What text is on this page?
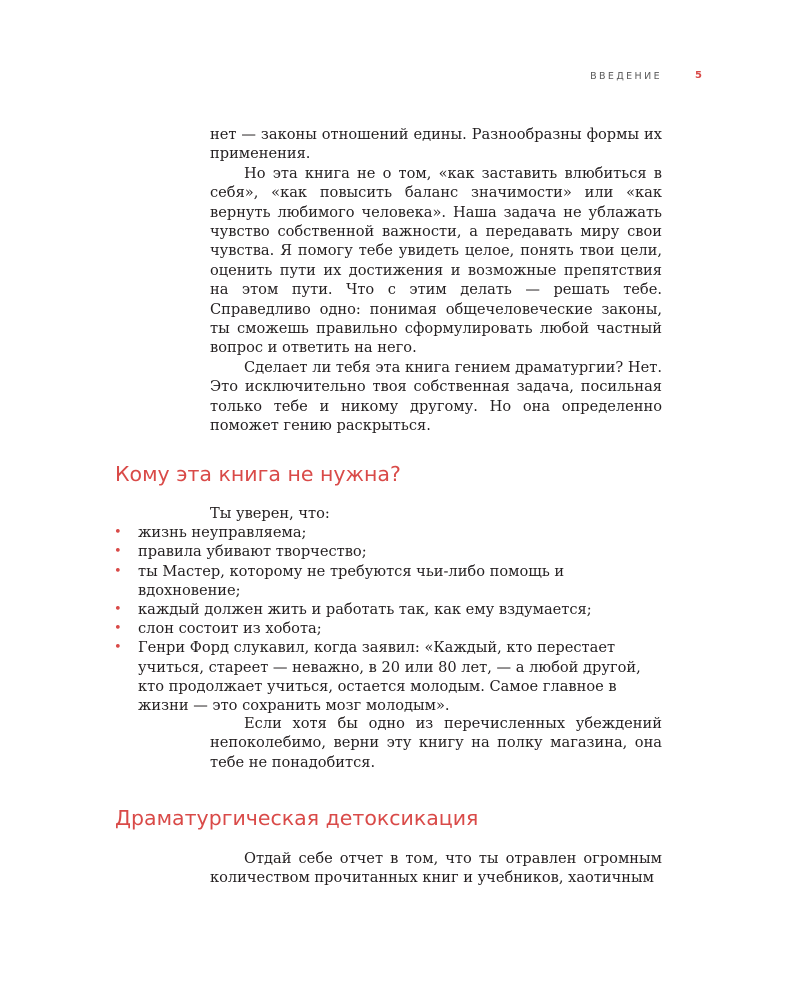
ВВЕДЕНИЕ	5

нет — законы отношений едины. Разнообразны формы их применения.

Но эта книга не о том, «как заставить влюбиться в себя», «как повысить баланс значимости» или «как вернуть любимого человека». Наша задача не ублажать чувство собственной важности, а передавать миру свои чувства. Я помогу тебе увидеть целое, понять твои цели, оценить пути их достижения и возможные препятствия на этом пути. Что с этим делать — решать тебе. Справедливо одно: понимая общечеловеческие законы, ты сможешь правильно сформулировать любой частный вопрос и ответить на него.

Сделает ли тебя эта книга гением драматургии? Нет. Это исключительно твоя собственная задача, посильная только тебе и никому другому. Но она определенно поможет гению раскрыться.

Кому эта книга не нужна?

Ты уверен, что:

• жизнь неуправляема;
• правила убивают творчество;
• ты Мастер, которому не требуются чьи-либо помощь и вдохновение;
• каждый должен жить и работать так, как ему вздумается;
• слон состоит из хобота;
• Генри Форд слукавил, когда заявил: «Каждый, кто перестает учиться, стареет — неважно, в 20 или 80 лет, — а любой другой, кто продолжает учиться, остается молодым. Самое главное в жизни — это сохранить мозг молодым».

Если хотя бы одно из перечисленных убеждений непоколебимо, верни эту книгу на полку магазина, она тебе не понадобится.

Драматургическая детоксикация

Отдай себе отчет в том, что ты отравлен огромным количеством прочитанных книг и учебников, хаотичным
